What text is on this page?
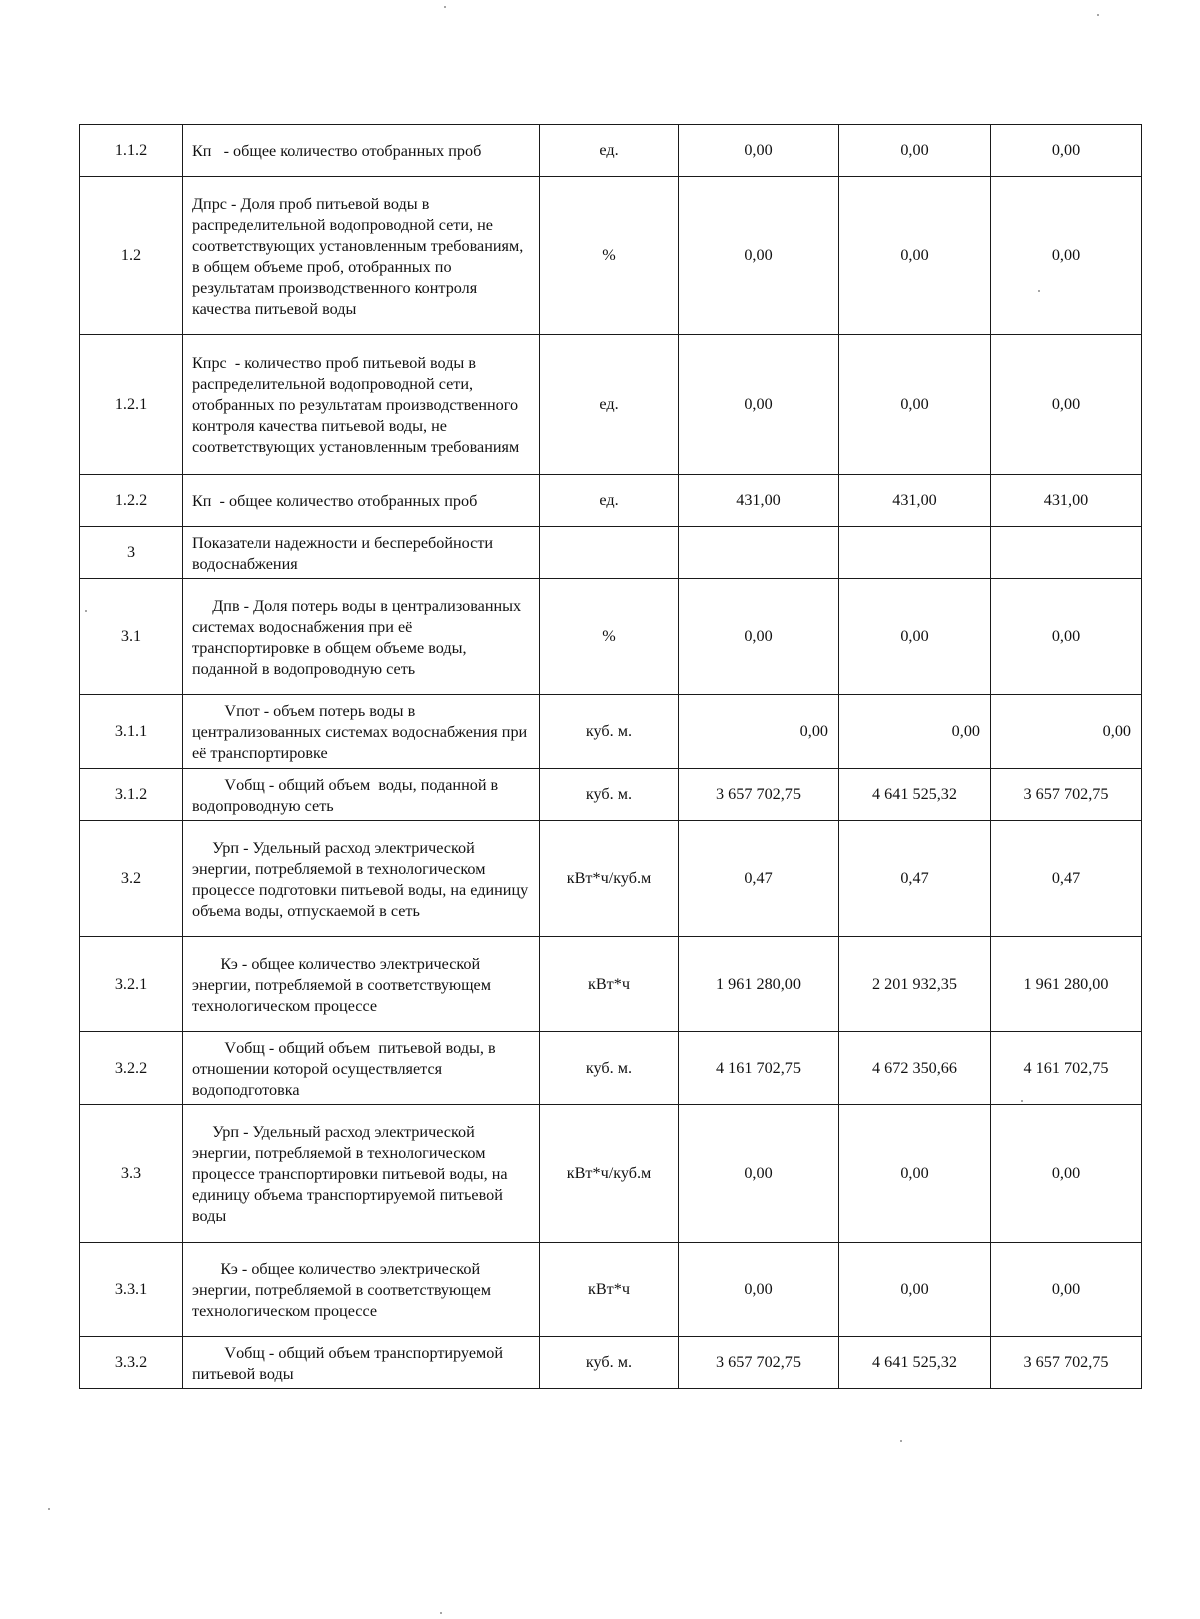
1.1.2	Кп   - общее количество отобранных проб	ед.	0,00	0,00	0,00
1.2	Дпрс - Доля проб питьевой воды в распределительной водопроводной сети, не соответствующих установленным требованиям, в общем объеме проб, отобранных по результатам производственного контроля качества питьевой воды	%	0,00	0,00	0,00
1.2.1	Кпрс  - количество проб питьевой воды в распределительной водопроводной сети, отобранных по результатам производственного контроля качества питьевой воды, не соответствующих установленным требованиям	ед.	0,00	0,00	0,00
1.2.2	Кп  - общее количество отобранных проб	ед.	431,00	431,00	431,00
3	Показатели надежности и бесперебойности водоснабжения				
3.1	Дпв - Доля потерь воды в централизованных системах водоснабжения при её транспортировке в общем объеме воды, поданной в водопроводную сеть	%	0,00	0,00	0,00
3.1.1	Vпот - объем потерь воды в централизованных системах водоснабжения при её транспортировке	куб. м.	0,00	0,00	0,00
3.1.2	Vобщ - общий объем  воды, поданной в водопроводную сеть	куб. м.	3 657 702,75	4 641 525,32	3 657 702,75
3.2	Урп - Удельный расход электрической энергии, потребляемой в технологическом процессе подготовки питьевой воды, на единицу объема воды, отпускаемой в сеть	кВт*ч/куб.м	0,47	0,47	0,47
3.2.1	Кэ - общее количество электрической энергии, потребляемой в соответствующем технологическом процессе	кВт*ч	1 961 280,00	2 201 932,35	1 961 280,00
3.2.2	Vобщ - общий объем  питьевой воды, в отношении которой осуществляется водоподготовка	куб. м.	4 161 702,75	4 672 350,66	4 161 702,75
3.3	Урп - Удельный расход электрической энергии, потребляемой в технологическом процессе транспортировки питьевой воды, на единицу объема транспортируемой питьевой воды	кВт*ч/куб.м	0,00	0,00	0,00
3.3.1	Кэ - общее количество электрической энергии, потребляемой в соответствующем технологическом процессе	кВт*ч	0,00	0,00	0,00
3.3.2	Vобщ - общий объем транспортируемой питьевой воды	куб. м.	3 657 702,75	4 641 525,32	3 657 702,75
